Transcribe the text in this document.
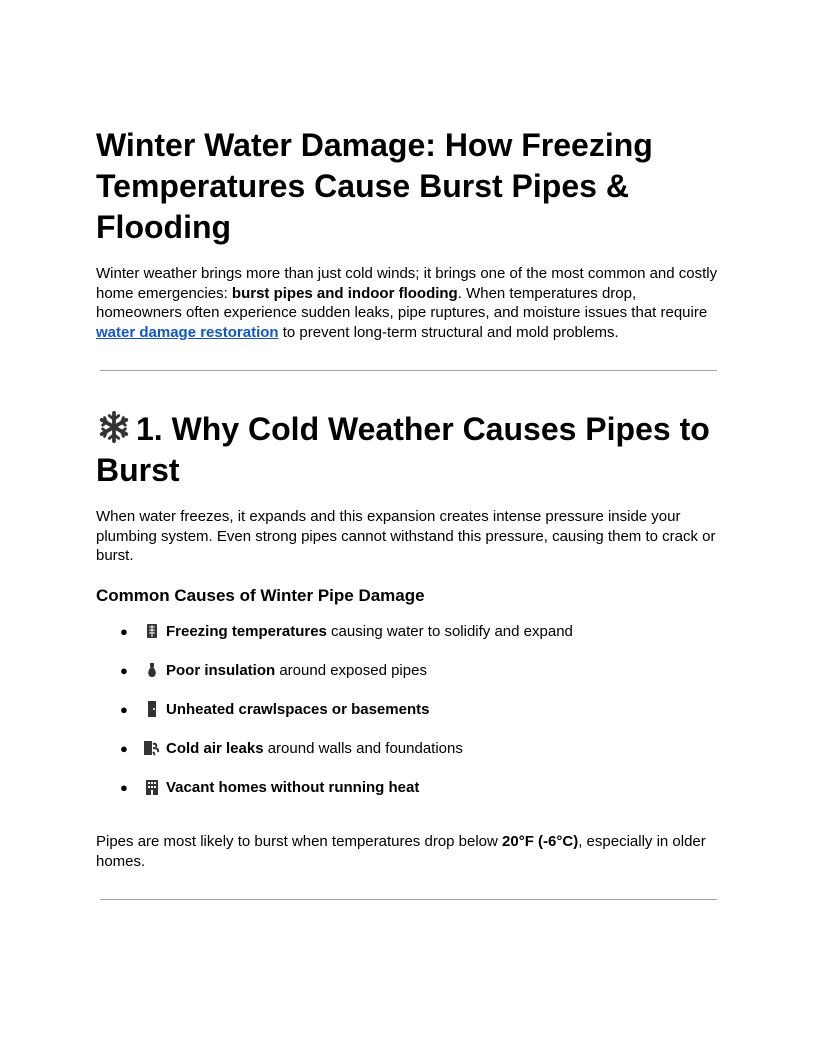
Winter Water Damage: How Freezing Temperatures Cause Burst Pipes & Flooding

Winter weather brings more than just cold winds; it brings one of the most common and costly home emergencies: burst pipes and indoor flooding. When temperatures drop, homeowners often experience sudden leaks, pipe ruptures, and moisture issues that require water damage restoration to prevent long-term structural and mold problems.

1. Why Cold Weather Causes Pipes to Burst

When water freezes, it expands and this expansion creates intense pressure inside your plumbing system. Even strong pipes cannot withstand this pressure, causing them to crack or burst.

Common Causes of Winter Pipe Damage
●	Freezing temperatures causing water to solidify and expand
●	Poor insulation around exposed pipes
●	Unheated crawlspaces or basements
●	Cold air leaks around walls and foundations
●	Vacant homes without running heat

Pipes are most likely to burst when temperatures drop below 20°F (-6°C), especially in older homes.
